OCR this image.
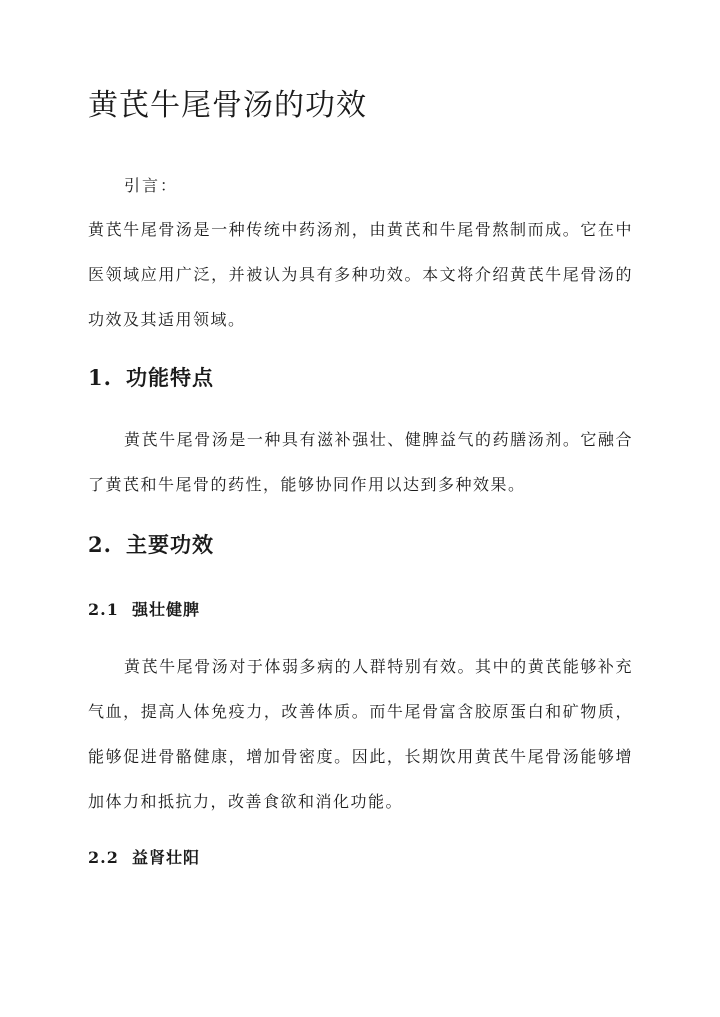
黄芪牛尾骨汤的功效

引言：

黄芪牛尾骨汤是一种传统中药汤剂，由黄芪和牛尾骨熬制而成。它在中医领域应用广泛，并被认为具有多种功效。本文将介绍黄芪牛尾骨汤的功效及其适用领域。

1. 功能特点

黄芪牛尾骨汤是一种具有滋补强壮、健脾益气的药膳汤剂。它融合了黄芪和牛尾骨的药性，能够协同作用以达到多种效果。

2. 主要功效
2.1 强壮健脾

黄芪牛尾骨汤对于体弱多病的人群特别有效。其中的黄芪能够补充气血，提高人体免疫力，改善体质。而牛尾骨富含胶原蛋白和矿物质，能够促进骨骼健康，增加骨密度。因此，长期饮用黄芪牛尾骨汤能够增加体力和抵抗力，改善食欲和消化功能。

2.2 益肾壮阳
